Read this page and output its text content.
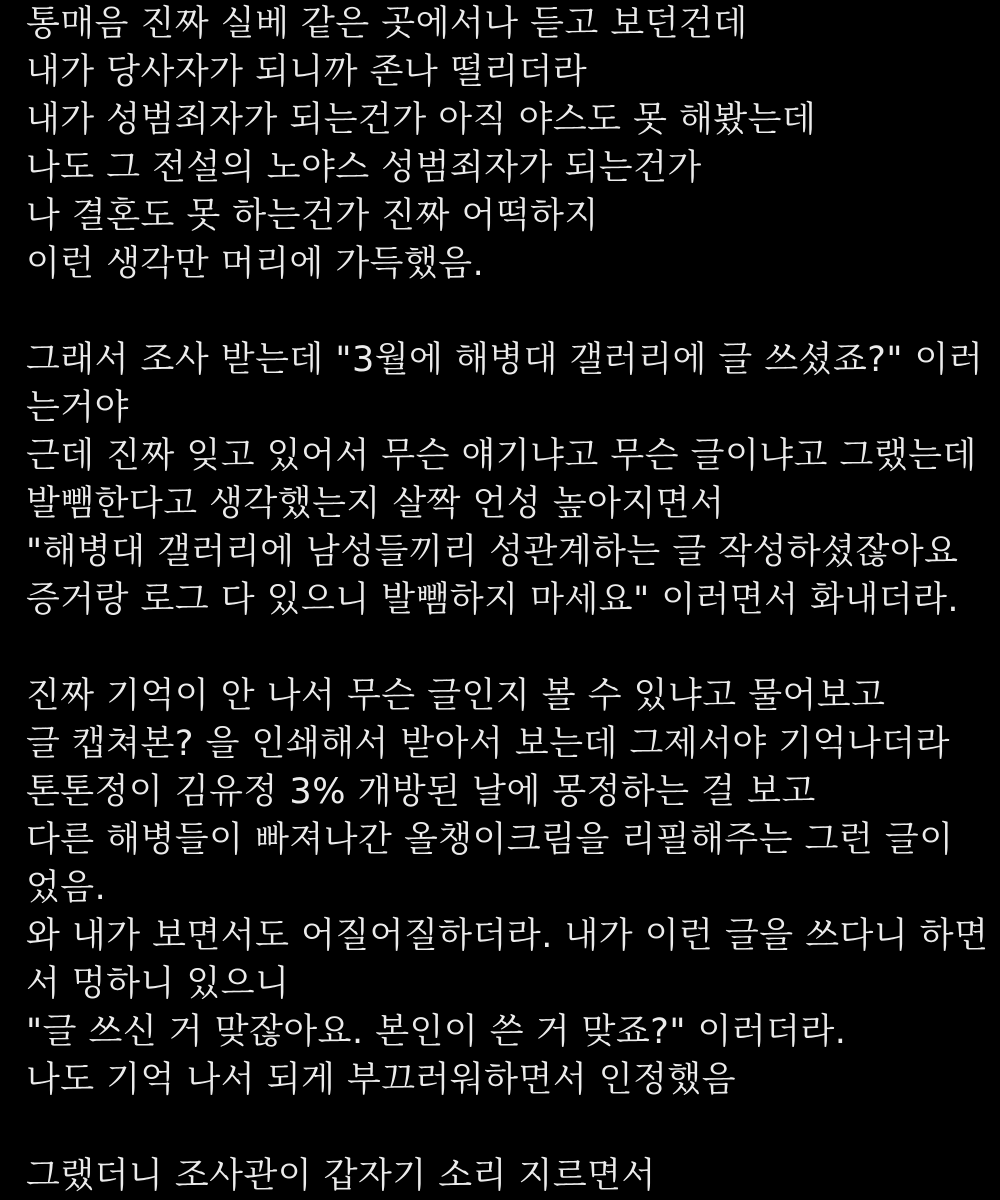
통매음 진짜 실베 같은 곳에서나 듣고 보던건데
내가 당사자가 되니까 존나 떨리더라
내가 성범죄자가 되는건가 아직 야스도 못 해봤는데
나도 그 전설의 노야스 성범죄자가 되는건가
나 결혼도 못 하는건가 진짜 어떡하지
이런 생각만 머리에 가득했음.
그래서 조사 받는데 "3월에 해병대 갤러리에 글 쓰셨죠?" 이러
는거야
근데 진짜 잊고 있어서 무슨 얘기냐고 무슨 글이냐고 그랬는데
발뺌한다고 생각했는지 살짝 언성 높아지면서
"해병대 갤러리에 남성들끼리 성관계하는 글 작성하셨잖아요
증거랑 로그 다 있으니 발뺌하지 마세요" 이러면서 화내더라.
진짜 기억이 안 나서 무슨 글인지 볼 수 있냐고 물어보고
글 캡쳐본? 을 인쇄해서 받아서 보는데 그제서야 기억나더라
톤톤정이 김유정 3% 개방된 날에 몽정하는 걸 보고
다른 해병들이 빠져나간 올챙이크림을 리필해주는 그런 글이
었음.
와 내가 보면서도 어질어질하더라. 내가 이런 글을 쓰다니 하면
서 멍하니 있으니
"글 쓰신 거 맞잖아요. 본인이 쓴 거 맞죠?" 이러더라.
나도 기억 나서 되게 부끄러워하면서 인정했음
그랬더니 조사관이 갑자기 소리 지르면서
